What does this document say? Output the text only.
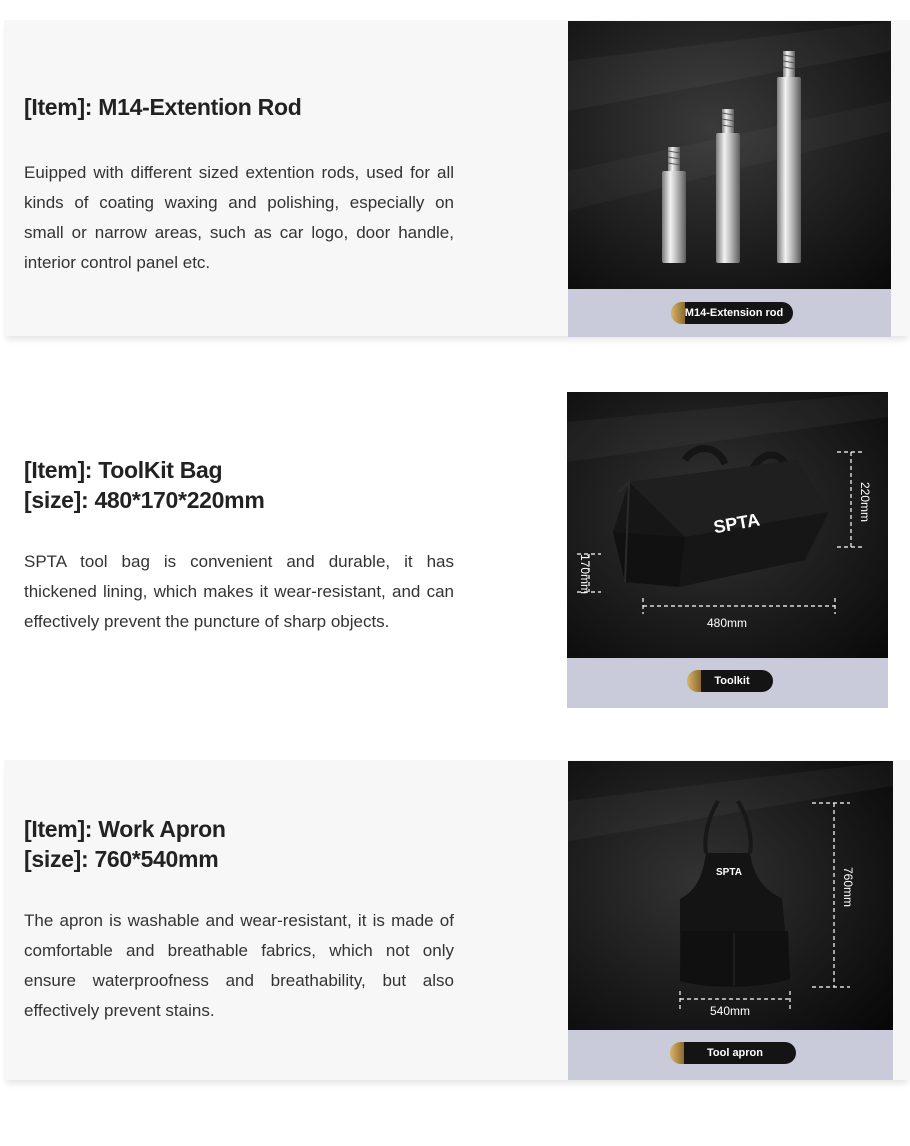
[Item]: M14-Extention Rod

Euipped with different sized extention rods, used for all kinds of coating waxing and polishing, especially on small or narrow areas, such as car logo, door handle, interior control panel etc.

M14-Extension rod
[Item]: ToolKit Bag
[size]: 480*170*220mm

SPTA tool bag is convenient and durable, it has thickened lining, which makes it wear-resistant, and can effectively prevent the puncture of sharp objects.

SPTA
220mm
170mm
480mm
Toolkit
[Item]: Work Apron
[size]: 760*540mm

The apron is washable and wear-resistant, it is made of comfortable and breathable fabrics, which not only ensure waterproofness and breathability, but also effectively prevent stains.

SPTA	760mm
540mm
Tool apron
